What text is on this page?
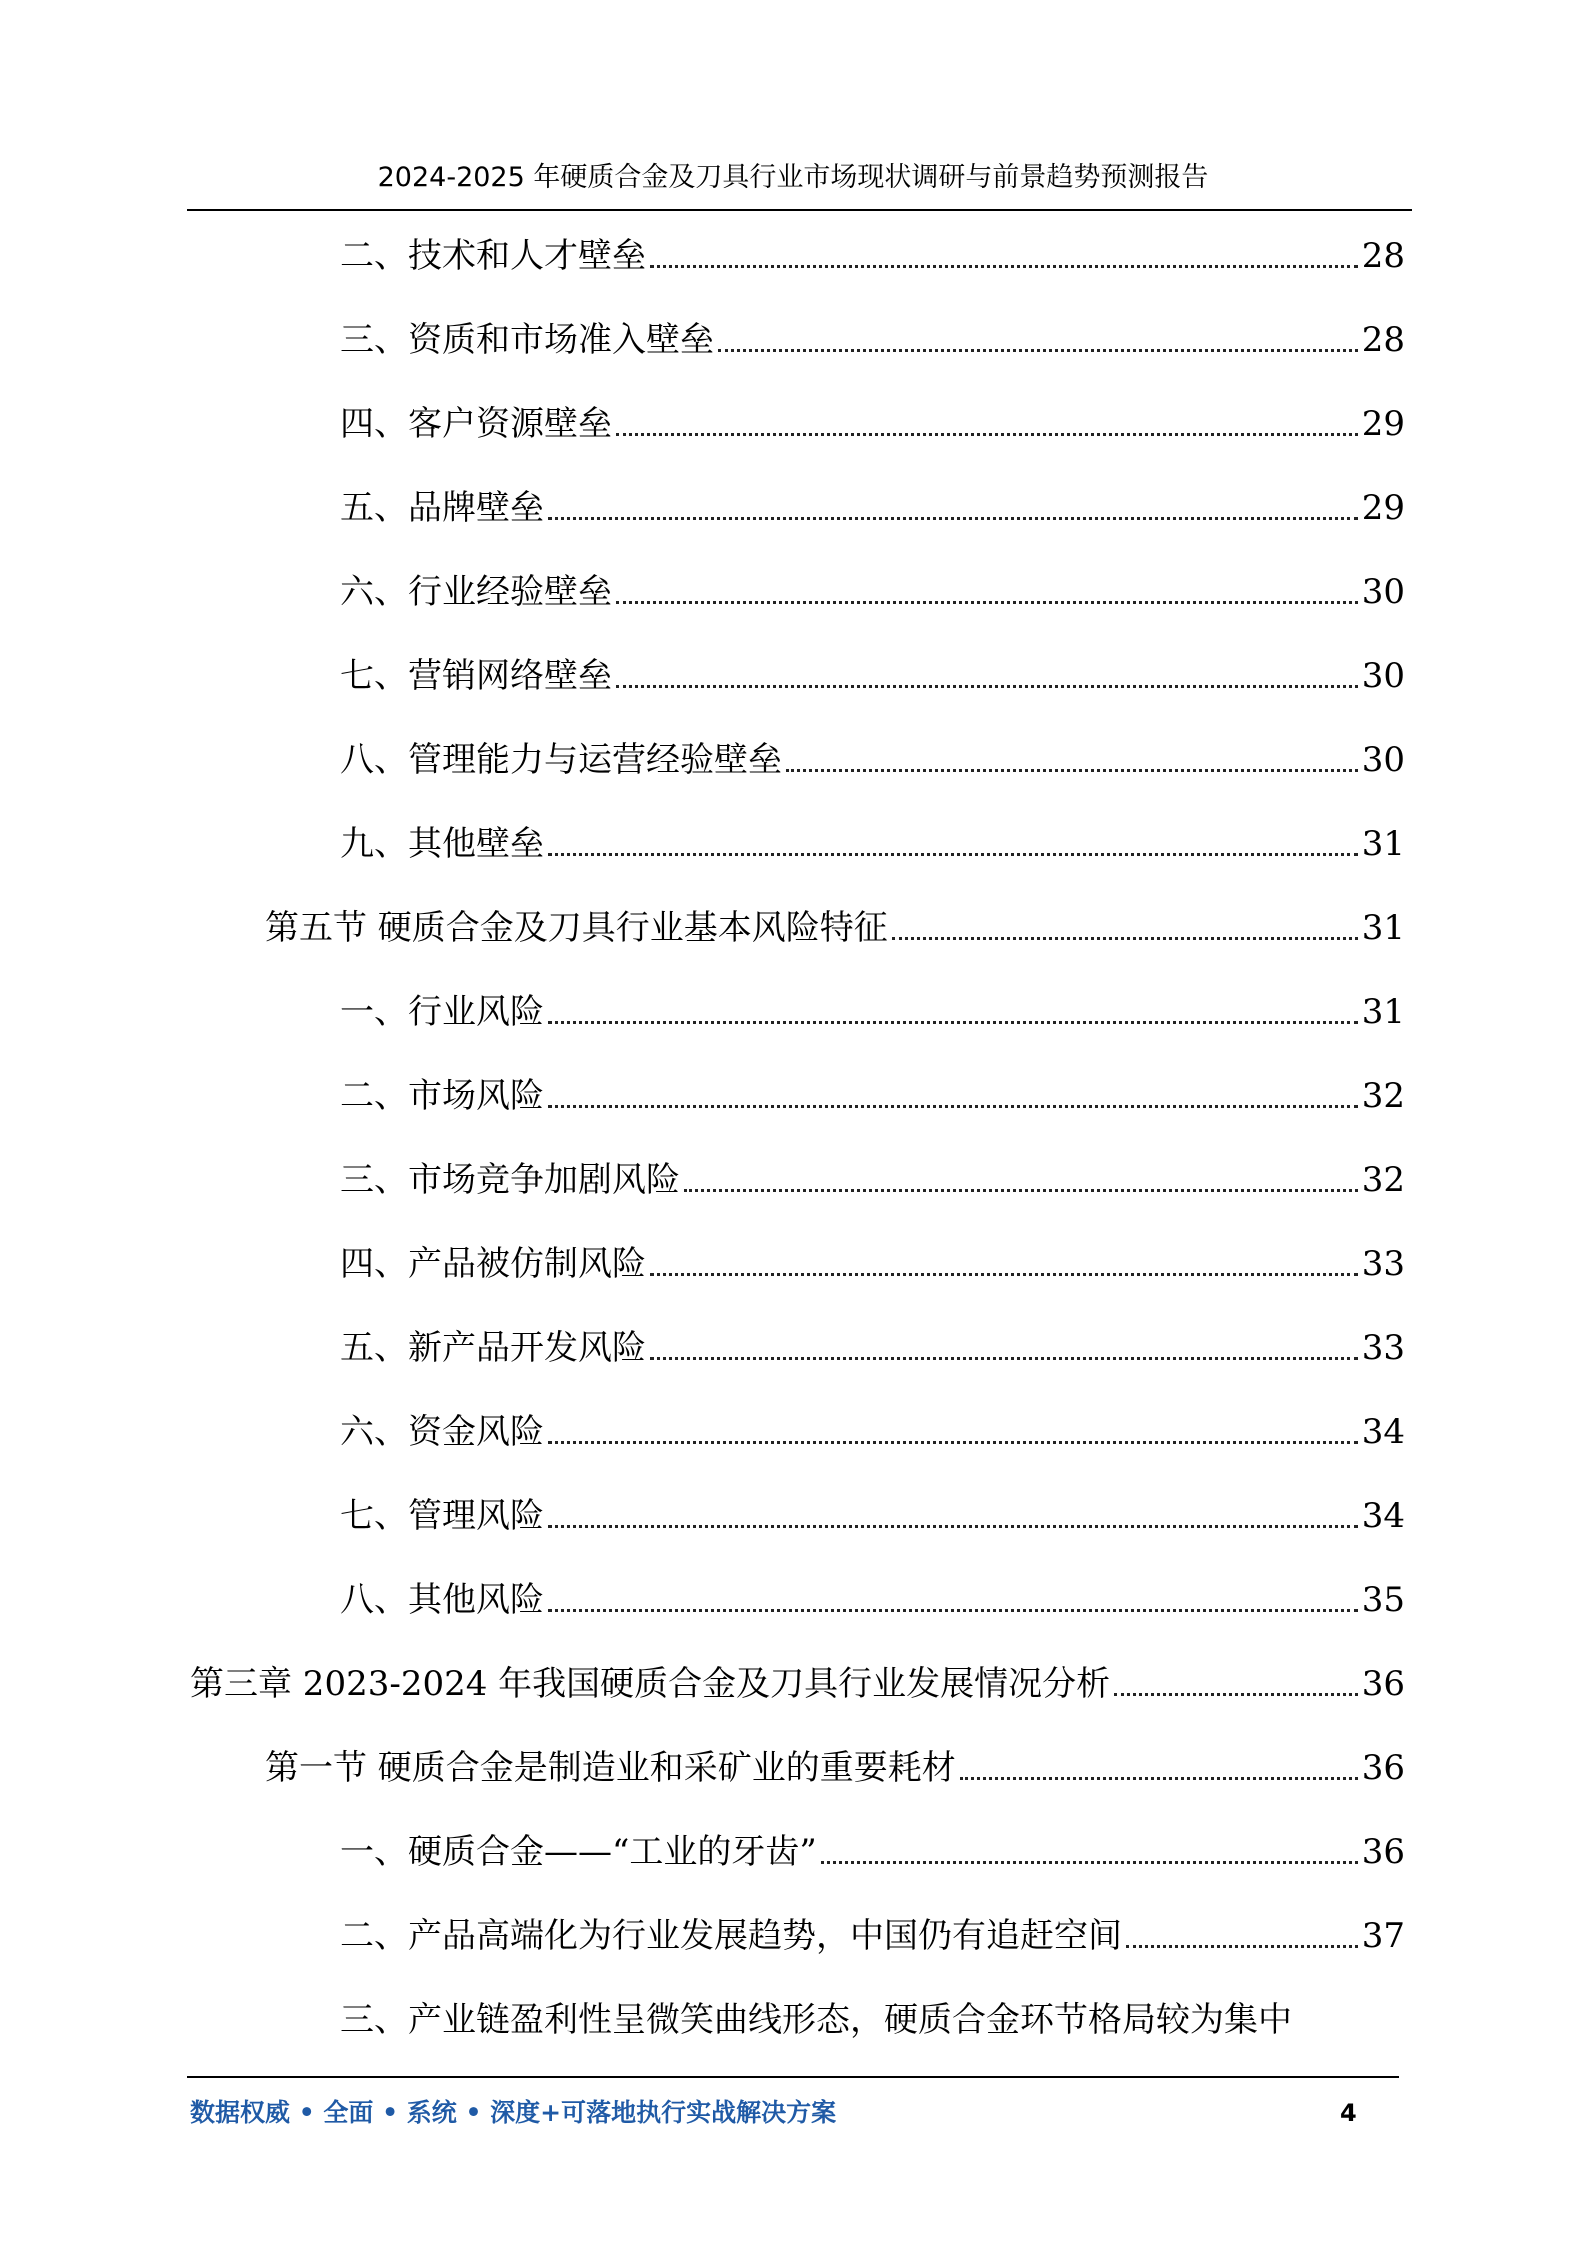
2024-2025 年硬质合金及刀具行业市场现状调研与前景趋势预测报告
二、技术和人才壁垒	28
三、资质和市场准入壁垒	28
四、客户资源壁垒	29
五、品牌壁垒	29
六、行业经验壁垒	30
七、营销网络壁垒	30
八、管理能力与运营经验壁垒	30
九、其他壁垒	31
第五节 硬质合金及刀具行业基本风险特征	31
一、行业风险	31
二、市场风险	32
三、市场竞争加剧风险	32
四、产品被仿制风险	33
五、新产品开发风险	33
六、资金风险	34
七、管理风险	34
八、其他风险	35
第三章 2023-2024 年我国硬质合金及刀具行业发展情况分析	36
第一节 硬质合金是制造业和采矿业的重要耗材	36
一、硬质合金——“工业的牙齿”	36
二、产品高端化为行业发展趋势，中国仍有追赶空间	37
三、产业链盈利性呈微笑曲线形态，硬质合金环节格局较为集中
数据权威 • 全面 • 系统 • 深度+可落地执行实战解决方案	4
